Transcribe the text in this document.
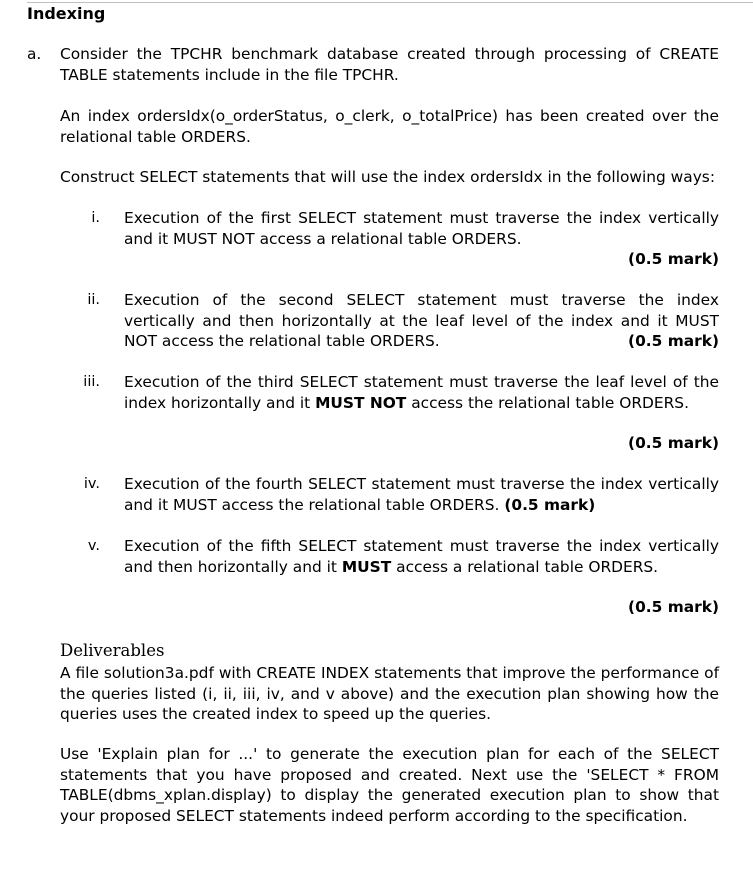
Indexing
a. Consider the TPCHR benchmark database created through processing of CREATE TABLE statements include in the file TPCHR.
An index ordersIdx(o_orderStatus, o_clerk, o_totalPrice) has been created over the relational table ORDERS.
Construct SELECT statements that will use the index ordersIdx in the following ways:
i. Execution of the first SELECT statement must traverse the index vertically and it MUST NOT access a relational table ORDERS.
(0.5 mark)
ii. Execution of the second SELECT statement must traverse the index vertically and then horizontally at the leaf level of the index and it MUST NOT access the relational table ORDERS.	(0.5 mark)
iii. Execution of the third SELECT statement must traverse the leaf level of the index horizontally and it MUST NOT access the relational table ORDERS.
(0.5 mark)
iv. Execution of the fourth SELECT statement must traverse the index vertically and it MUST access the relational table ORDERS. (0.5 mark)
v. Execution of the fifth SELECT statement must traverse the index vertically and then horizontally and it MUST access a relational table ORDERS.
(0.5 mark)
Deliverables
A file solution3a.pdf with CREATE INDEX statements that improve the performance of the queries listed (i, ii, iii, iv, and v above) and the execution plan showing how the queries uses the created index to speed up the queries.
Use 'Explain plan for ...' to generate the execution plan for each of the SELECT statements that you have proposed and created. Next use the 'SELECT * FROM TABLE(dbms_xplan.display) to display the generated execution plan to show that your proposed SELECT statements indeed perform according to the specification.
